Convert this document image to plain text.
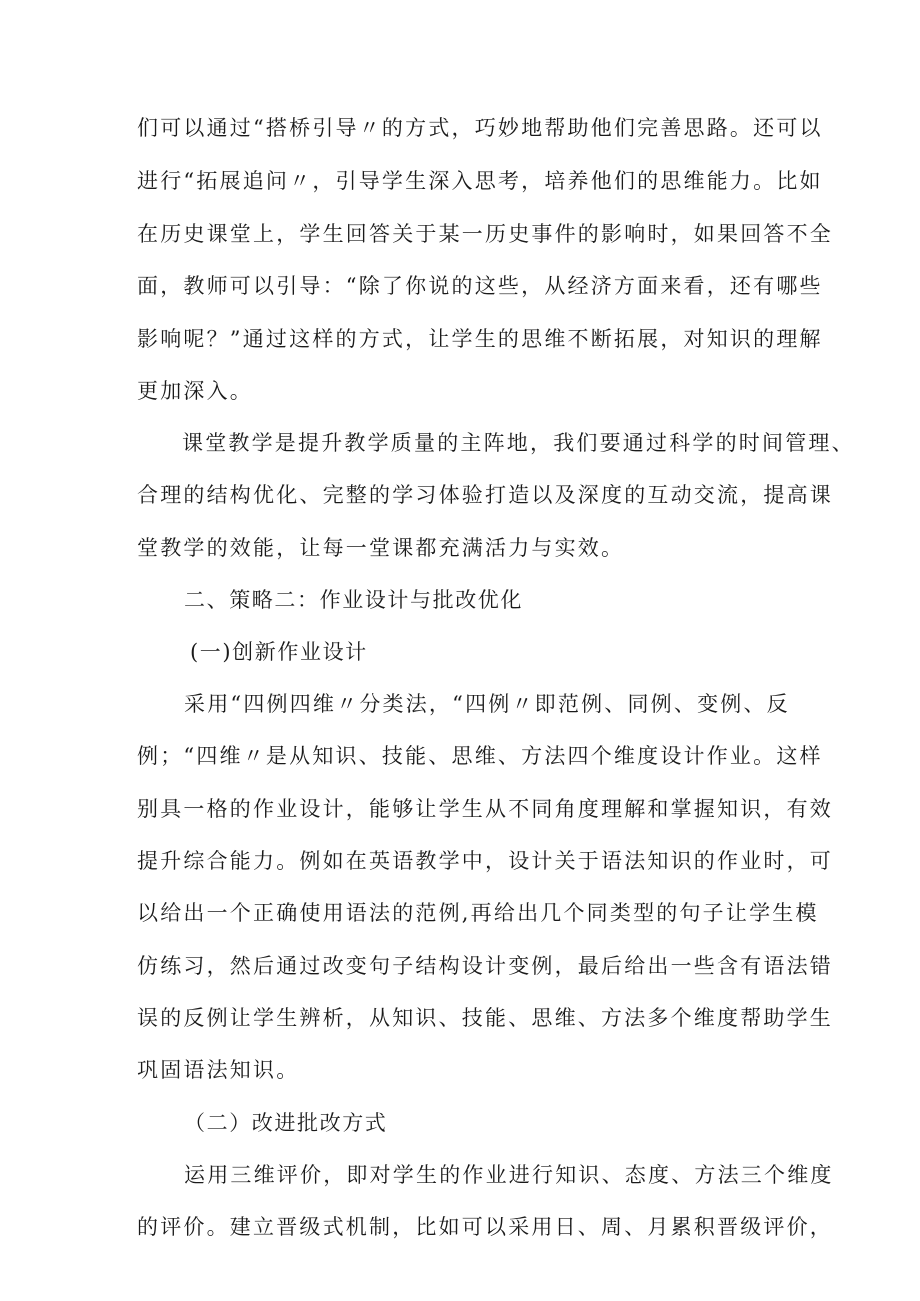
们可以通过“搭桥引导〃的方式，巧妙地帮助他们完善思路。还可以
进行“拓展追问〃，引导学生深入思考，培养他们的思维能力。比如
在历史课堂上，学生回答关于某一历史事件的影响时，如果回答不全
面，教师可以引导：“除了你说的这些，从经济方面来看，还有哪些
影响呢？”通过这样的方式，让学生的思维不断拓展，对知识的理解
更加深入。
课堂教学是提升教学质量的主阵地，我们要通过科学的时间管理、
合理的结构优化、完整的学习体验打造以及深度的互动交流，提高课
堂教学的效能，让每一堂课都充满活力与实效。
二、策略二：作业设计与批改优化
(一)创新作业设计
采用“四例四维〃分类法，“四例〃即范例、同例、变例、反
例；“四维〃是从知识、技能、思维、方法四个维度设计作业。这样
别具一格的作业设计，能够让学生从不同角度理解和掌握知识，有效
提升综合能力。例如在英语教学中，设计关于语法知识的作业时，可
以给出一个正确使用语法的范例,再给出几个同类型的句子让学生模
仿练习，然后通过改变句子结构设计变例，最后给出一些含有语法错
误的反例让学生辨析，从知识、技能、思维、方法多个维度帮助学生
巩固语法知识。
（二）改进批改方式
运用三维评价，即对学生的作业进行知识、态度、方法三个维度
的评价。建立晋级式机制，比如可以采用日、周、月累积晋级评价，
